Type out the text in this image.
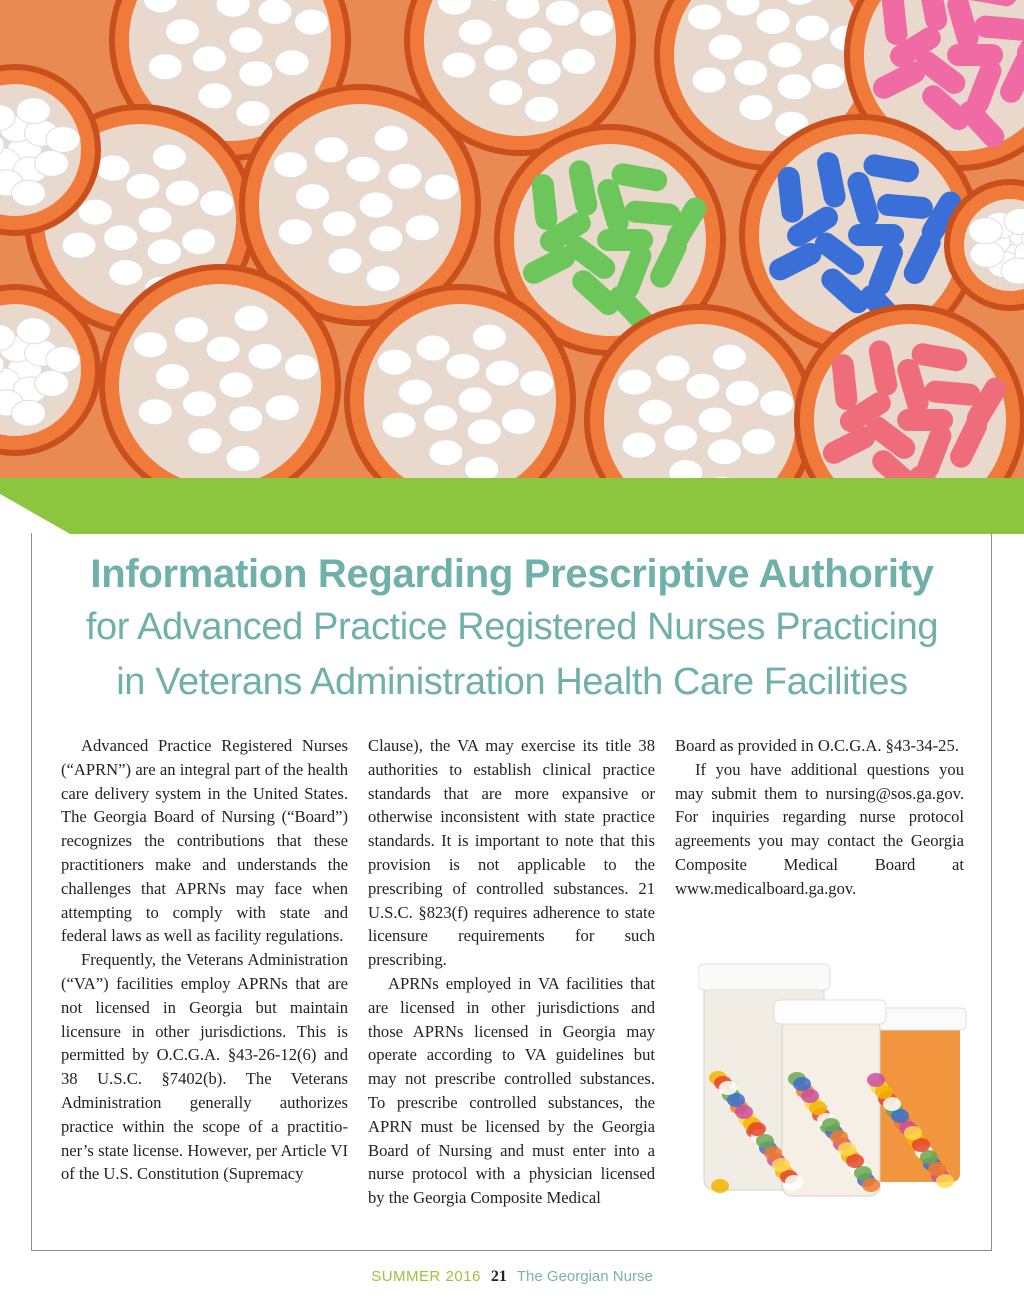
Information Regarding Prescriptive Authority
for Advanced Practice Registered Nurses Practicing
in Veterans Administration Health Care Facilities

Advanced Practice Registered Nurses (“APRN”) are an integral part of the health care delivery system in the United States. The Georgia Board of Nursing (“Board”) recognizes the contributions that these practitioners make and understands the challenges that APRNs may face when attempting to comply with state and federal laws as well as facility regulations.

Frequently, the Veterans Administration (“VA”) facilities employ APRNs that are not licensed in Georgia but maintain licensure in other jurisdictions. This is permitted by O.C.G.A. §43-26-12(6) and 38 U.S.C. §7402(b). The Veterans Administration generally authorizes practice within the scope of a practitioner’s state license. However, per Article VI of the U.S. Constitution (Supremacy

Clause), the VA may exercise its title 38 authorities to establish clinical practice standards that are more expansive or otherwise inconsistent with state practice standards. It is important to note that this provision is not applicable to the prescribing of controlled substances. 21 U.S.C. §823(f) requires adherence to state licensure requirements for such prescribing.

APRNs employed in VA facilities that are licensed in other jurisdictions and those APRNs licensed in Georgia may operate according to VA guidelines but may not prescribe controlled substances. To prescribe controlled substances, the APRN must be licensed by the Georgia Board of Nursing and must enter into a nurse protocol with a physician licensed by the Georgia Composite Medical

Board as provided in O.C.G.A. §43-34-25.

If you have additional questions you may submit them to nursing@sos.ga.gov. For inquiries regarding nurse protocol agreements you may contact the Georgia Composite Medical Board at www.medicalboard.ga.gov.

SUMMER 2016 21 The Georgian Nurse
